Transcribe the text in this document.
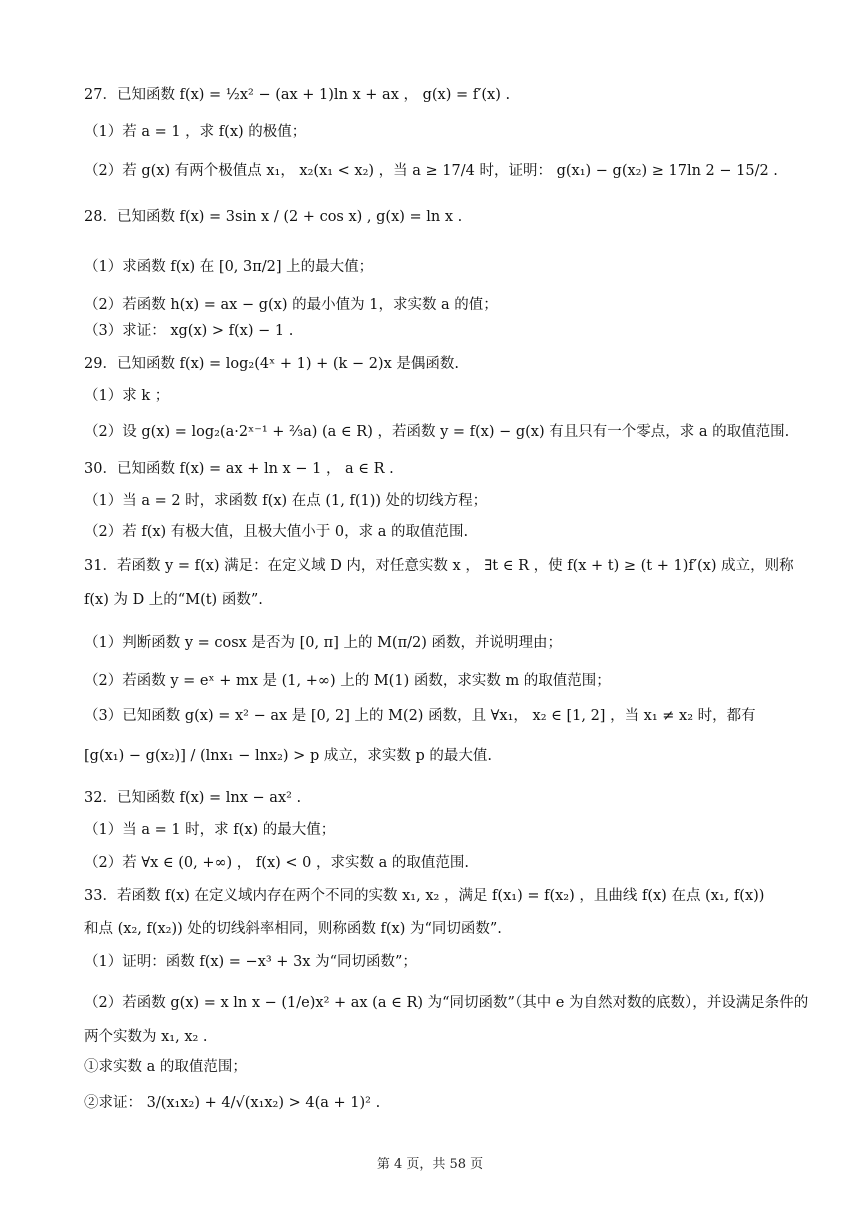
27．已知函数 f(x) = ½x² − (ax + 1)ln x + ax ， g(x) = f′(x) .
（1）若 a = 1 ，求 f(x) 的极值；
（2）若 g(x) 有两个极值点 x₁， x₂(x₁ < x₂) ，当 a ≥ 17/4 时，证明： g(x₁) − g(x₂) ≥ 17ln 2 − 15/2 .
28．已知函数 f(x) = 3sin x / (2 + cos x) , g(x) = ln x .
（1）求函数 f(x) 在 [0, 3π/2] 上的最大值；
（2）若函数 h(x) = ax − g(x) 的最小值为 1，求实数 a 的值；
（3）求证： xg(x) > f(x) − 1 .
29．已知函数 f(x) = log₂(4ˣ + 1) + (k − 2)x 是偶函数.
（1）求 k ；
（2）设 g(x) = log₂(a·2ˣ⁻¹ + ⅔a) (a ∈ R) ，若函数 y = f(x) − g(x) 有且只有一个零点，求 a 的取值范围.
30．已知函数 f(x) = ax + ln x − 1 ， a ∈ R .
（1）当 a = 2 时，求函数 f(x) 在点 (1, f(1)) 处的切线方程；
（2）若 f(x) 有极大值，且极大值小于 0，求 a 的取值范围.
31．若函数 y = f(x) 满足：在定义域 D 内，对任意实数 x ， ∃t ∈ R ，使 f(x + t) ≥ (t + 1)f′(x) 成立，则称
f(x) 为 D 上的“M(t) 函数”.
（1）判断函数 y = cosx 是否为 [0, π] 上的 M(π/2) 函数，并说明理由；
（2）若函数 y = eˣ + mx 是 (1, +∞) 上的 M(1) 函数，求实数 m 的取值范围；
（3）已知函数 g(x) = x² − ax 是 [0, 2] 上的 M(2) 函数，且 ∀x₁， x₂ ∈ [1, 2] ，当 x₁ ≠ x₂ 时，都有
[g(x₁) − g(x₂)] / (lnx₁ − lnx₂) > p 成立，求实数 p 的最大值.
32．已知函数 f(x) = lnx − ax² .
（1）当 a = 1 时，求 f(x) 的最大值；
（2）若 ∀x ∈ (0, +∞) ， f(x) < 0 ，求实数 a 的取值范围.
33．若函数 f(x) 在定义域内存在两个不同的实数 x₁, x₂ ，满足 f(x₁) = f(x₂) ，且曲线 f(x) 在点 (x₁, f(x))
和点 (x₂, f(x₂)) 处的切线斜率相同，则称函数 f(x) 为“同切函数”.
（1）证明：函数 f(x) = −x³ + 3x 为“同切函数”；
（2）若函数 g(x) = x ln x − (1/e)x² + ax (a ∈ R) 为“同切函数”（其中 e 为自然对数的底数），并设满足条件的
两个实数为 x₁, x₂ .
①求实数 a 的取值范围；
②求证： 3/(x₁x₂) + 4/√(x₁x₂) > 4(a + 1)² .
第 4 页，共 58 页
